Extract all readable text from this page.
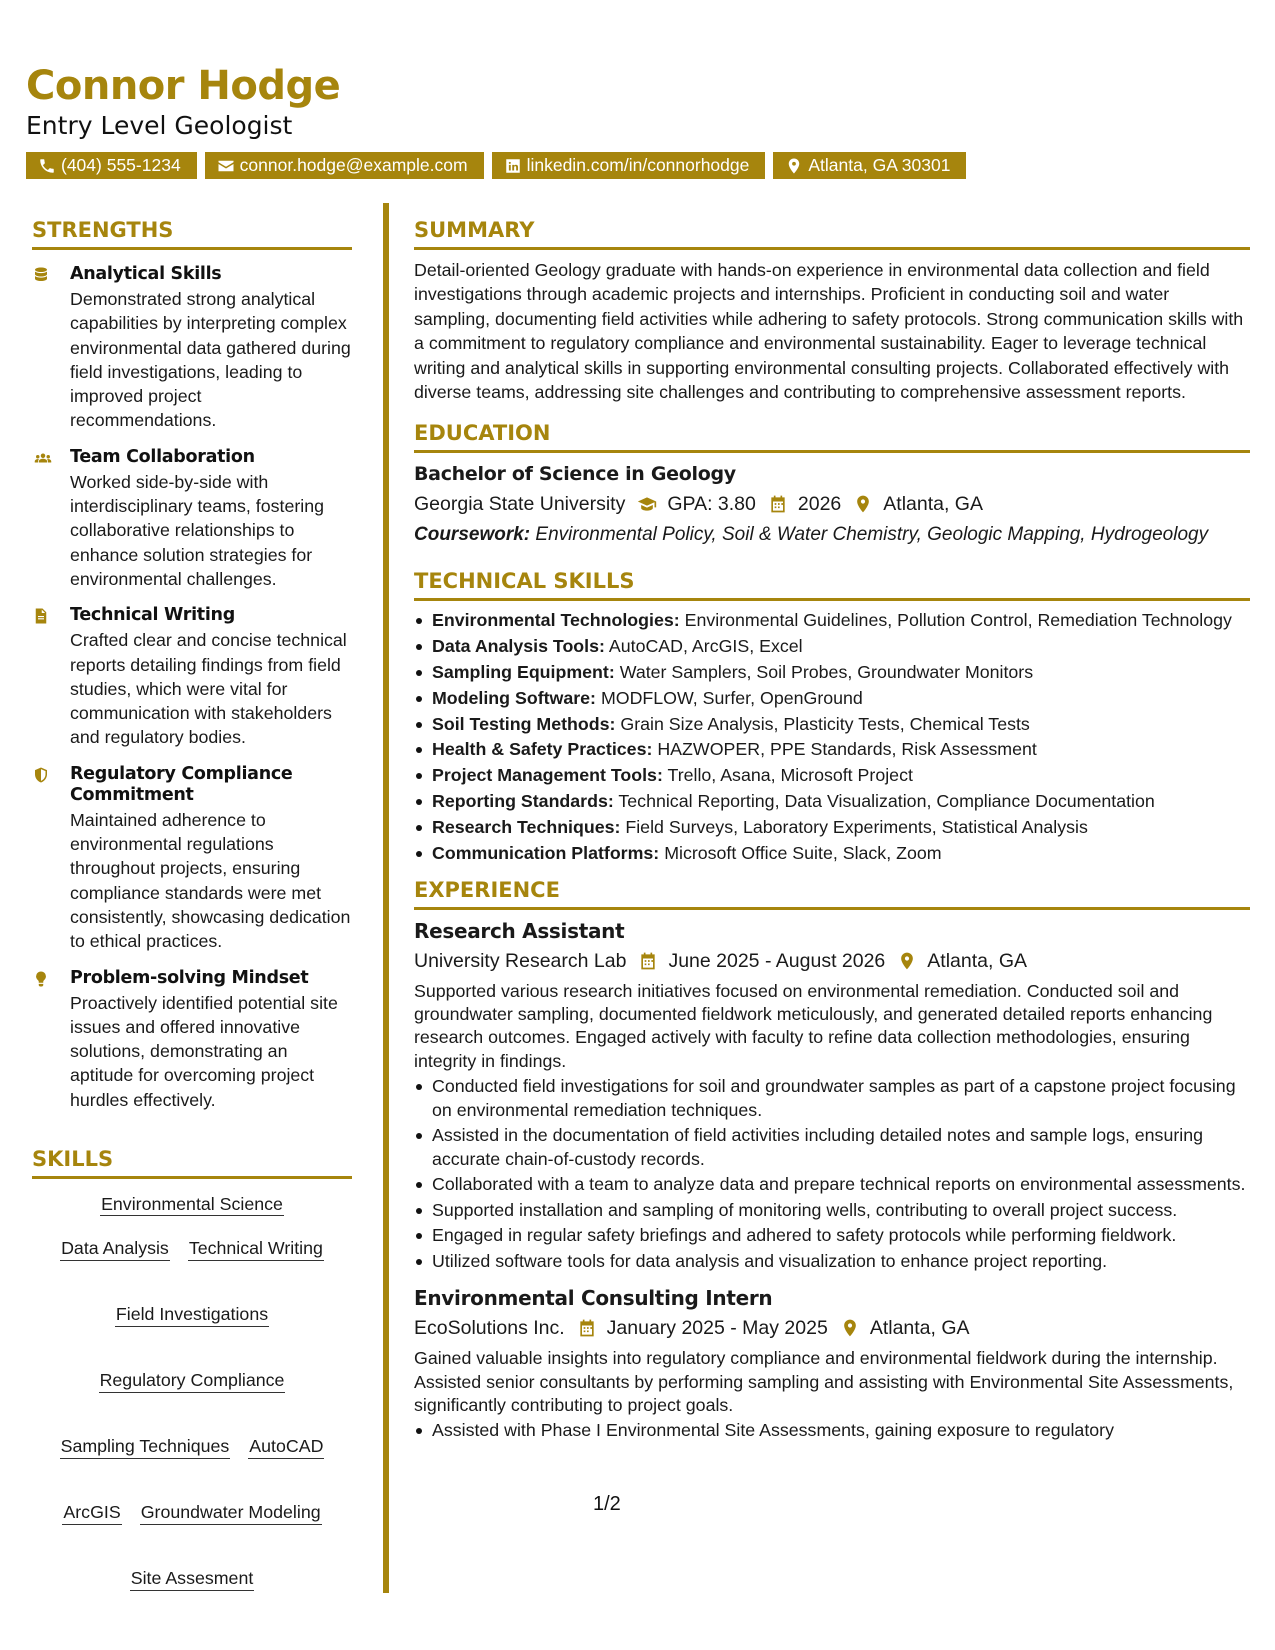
Connor Hodge
Entry Level Geologist
(404) 555-1234	connor.hodge@example.com	linkedin.com/in/connorhodge	Atlanta, GA 30301
STRENGTHS
Analytical Skills
Demonstrated strong analytical capabilities by interpreting complex environmental data gathered during field investigations, leading to improved project recommendations.
Team Collaboration
Worked side-by-side with interdisciplinary teams, fostering collaborative relationships to enhance solution strategies for environmental challenges.
Technical Writing
Crafted clear and concise technical reports detailing findings from field studies, which were vital for communication with stakeholders and regulatory bodies.
Regulatory Compliance Commitment
Maintained adherence to environmental regulations throughout projects, ensuring compliance standards were met consistently, showcasing dedication to ethical practices.
Problem-solving Mindset
Proactively identified potential site issues and offered innovative solutions, demonstrating an aptitude for overcoming project hurdles effectively.
SKILLS
Environmental Science
Data Analysis Technical Writing
Field Investigations
Regulatory Compliance
Sampling Techniques AutoCAD
ArcGIS Groundwater Modeling
Site Assesment
SUMMARY
Detail-oriented Geology graduate with hands-on experience in environmental data collection and field investigations through academic projects and internships. Proficient in conducting soil and water sampling, documenting field activities while adhering to safety protocols. Strong communication skills with a commitment to regulatory compliance and environmental sustainability. Eager to leverage technical writing and analytical skills in supporting environmental consulting projects. Collaborated effectively with diverse teams, addressing site challenges and contributing to comprehensive assessment reports.
EDUCATION
Bachelor of Science in Geology
Georgia State University GPA: 3.80 2026 Atlanta, GA
Coursework: Environmental Policy, Soil & Water Chemistry, Geologic Mapping, Hydrogeology
TECHNICAL SKILLS
Environmental Technologies: Environmental Guidelines, Pollution Control, Remediation Technology
Data Analysis Tools: AutoCAD, ArcGIS, Excel
Sampling Equipment: Water Samplers, Soil Probes, Groundwater Monitors
Modeling Software: MODFLOW, Surfer, OpenGround
Soil Testing Methods: Grain Size Analysis, Plasticity Tests, Chemical Tests
Health & Safety Practices: HAZWOPER, PPE Standards, Risk Assessment
Project Management Tools: Trello, Asana, Microsoft Project
Reporting Standards: Technical Reporting, Data Visualization, Compliance Documentation
Research Techniques: Field Surveys, Laboratory Experiments, Statistical Analysis
Communication Platforms: Microsoft Office Suite, Slack, Zoom
EXPERIENCE
Research Assistant
University Research Lab June 2025 - August 2026 Atlanta, GA
Supported various research initiatives focused on environmental remediation. Conducted soil and groundwater sampling, documented fieldwork meticulously, and generated detailed reports enhancing research outcomes. Engaged actively with faculty to refine data collection methodologies, ensuring integrity in findings.
Conducted field investigations for soil and groundwater samples as part of a capstone project focusing on environmental remediation techniques.
Assisted in the documentation of field activities including detailed notes and sample logs, ensuring accurate chain-of-custody records.
Collaborated with a team to analyze data and prepare technical reports on environmental assessments.
Supported installation and sampling of monitoring wells, contributing to overall project success.
Engaged in regular safety briefings and adhered to safety protocols while performing fieldwork.
Utilized software tools for data analysis and visualization to enhance project reporting.
Environmental Consulting Intern
EcoSolutions Inc. January 2025 - May 2025 Atlanta, GA
Gained valuable insights into regulatory compliance and environmental fieldwork during the internship. Assisted senior consultants by performing sampling and assisting with Environmental Site Assessments, significantly contributing to project goals.
Assisted with Phase I Environmental Site Assessments, gaining exposure to regulatory
1/2
